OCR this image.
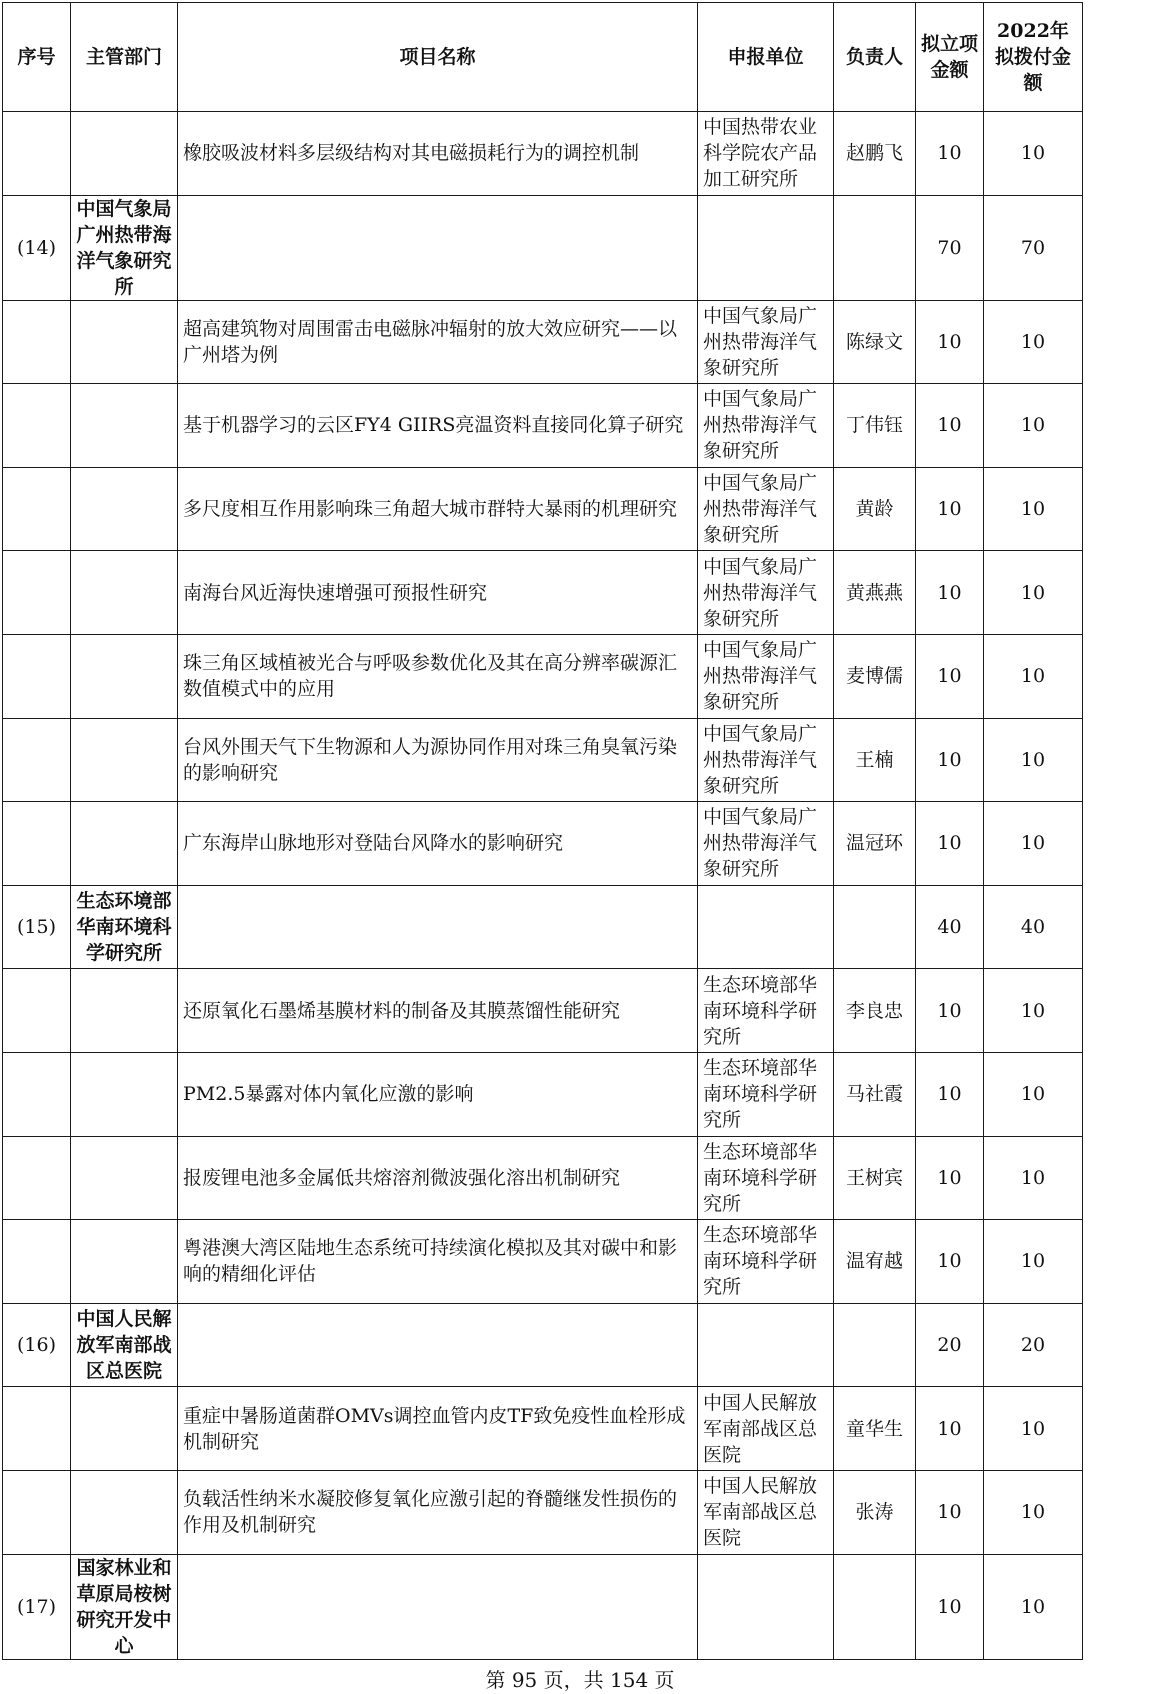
序号	主管部门	项目名称	申报单位	负责人	拟立项金额	2022年拟拨付金额
		橡胶吸波材料多层级结构对其电磁损耗行为的调控机制	中国热带农业科学院农产品加工研究所	赵鹏飞	10	10
(14)	中国气象局广州热带海洋气象研究所				70	70
		超高建筑物对周围雷击电磁脉冲辐射的放大效应研究——以广州塔为例	中国气象局广州热带海洋气象研究所	陈绿文	10	10
		基于机器学习的云区FY4 GIIRS亮温资料直接同化算子研究	中国气象局广州热带海洋气象研究所	丁伟钰	10	10
		多尺度相互作用影响珠三角超大城市群特大暴雨的机理研究	中国气象局广州热带海洋气象研究所	黄龄	10	10
		南海台风近海快速增强可预报性研究	中国气象局广州热带海洋气象研究所	黄燕燕	10	10
		珠三角区域植被光合与呼吸参数优化及其在高分辨率碳源汇数值模式中的应用	中国气象局广州热带海洋气象研究所	麦博儒	10	10
		台风外围天气下生物源和人为源协同作用对珠三角臭氧污染的影响研究	中国气象局广州热带海洋气象研究所	王楠	10	10
		广东海岸山脉地形对登陆台风降水的影响研究	中国气象局广州热带海洋气象研究所	温冠环	10	10
(15)	生态环境部华南环境科学研究所				40	40
		还原氧化石墨烯基膜材料的制备及其膜蒸馏性能研究	生态环境部华南环境科学研究所	李良忠	10	10
		PM2.5暴露对体内氧化应激的影响	生态环境部华南环境科学研究所	马社霞	10	10
		报废锂电池多金属低共熔溶剂微波强化溶出机制研究	生态环境部华南环境科学研究所	王树宾	10	10
		粤港澳大湾区陆地生态系统可持续演化模拟及其对碳中和影响的精细化评估	生态环境部华南环境科学研究所	温宥越	10	10
(16)	中国人民解放军南部战区总医院				20	20
		重症中暑肠道菌群OMVs调控血管内皮TF致免疫性血栓形成机制研究	中国人民解放军南部战区总医院	童华生	10	10
		负载活性纳米水凝胶修复氧化应激引起的脊髓继发性损伤的作用及机制研究	中国人民解放军南部战区总医院	张涛	10	10
(17)	国家林业和草原局桉树研究开发中心				10	10
第 95 页，共 154 页
